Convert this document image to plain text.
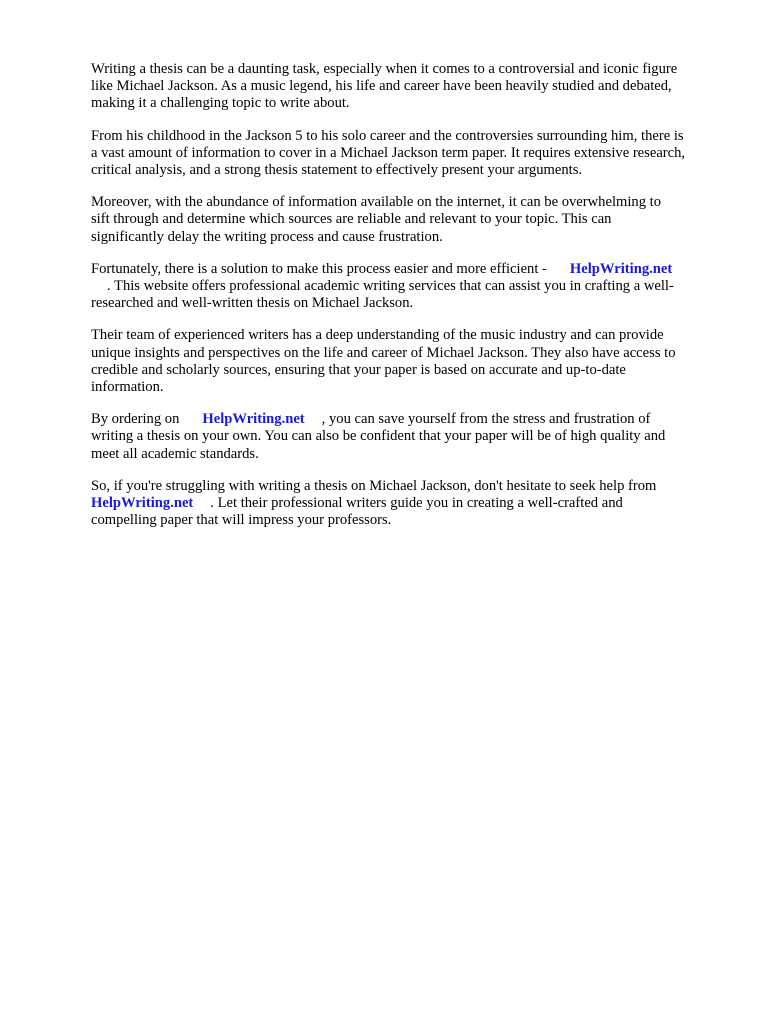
Writing a thesis can be a daunting task, especially when it comes to a controversial and iconic figure
like Michael Jackson. As a music legend, his life and career have been heavily studied and debated,
making it a challenging topic to write about.

From his childhood in the Jackson 5 to his solo career and the controversies surrounding him, there is
a vast amount of information to cover in a Michael Jackson term paper. It requires extensive research,
critical analysis, and a strong thesis statement to effectively present your arguments.

Moreover, with the abundance of information available on the internet, it can be overwhelming to
sift through and determine which sources are reliable and relevant to your topic. This can
significantly delay the writing process and cause frustration.

Fortunately, there is a solution to make this process easier and more efficient - HelpWriting.net
. This website offers professional academic writing services that can assist you in crafting a well-
researched and well-written thesis on Michael Jackson.

Their team of experienced writers has a deep understanding of the music industry and can provide
unique insights and perspectives on the life and career of Michael Jackson. They also have access to
credible and scholarly sources, ensuring that your paper is based on accurate and up-to-date
information.

By ordering on HelpWriting.net , you can save yourself from the stress and frustration of
writing a thesis on your own. You can also be confident that your paper will be of high quality and
meet all academic standards.

So, if you're struggling with writing a thesis on Michael Jackson, don't hesitate to seek help from
HelpWriting.net . Let their professional writers guide you in creating a well-crafted and
compelling paper that will impress your professors.
